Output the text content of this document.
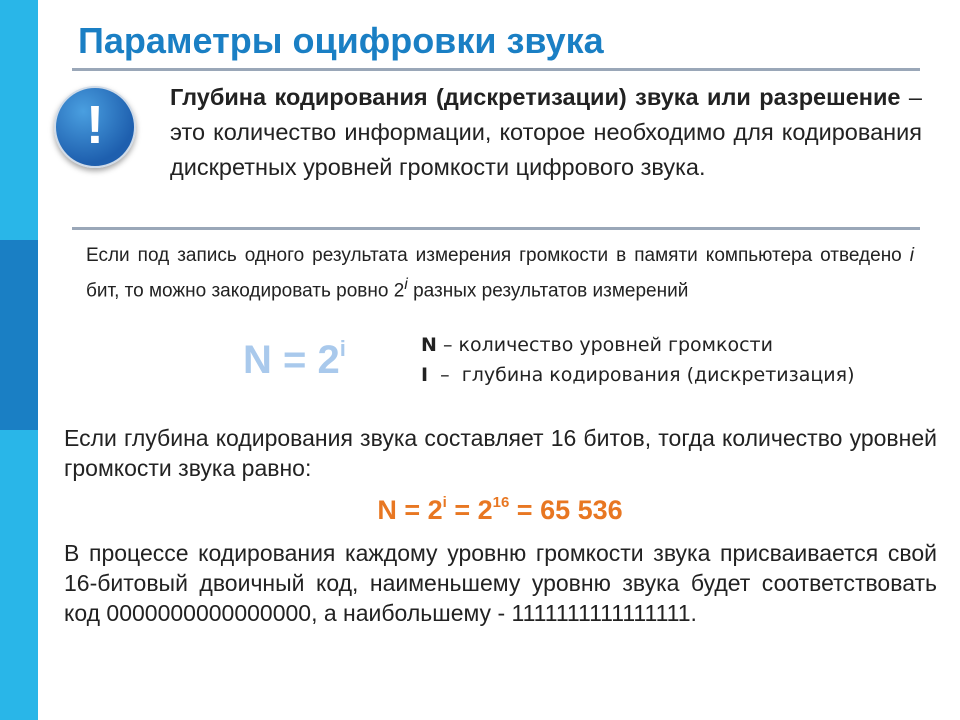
Параметры оцифровки звука
!	Глубина кодирования (дискретизации) звука или разрешение – это количество информации, которое необходимо для кодирования дискретных уровней громкости цифрового звука.
Если под запись одного результата измерения громкости в памяти компьютера отведено i бит, то можно закодировать ровно 2$^i$ разных результатов измерений
$N = 2^i$	N – количество уровней громкости
I  –  глубина кодирования (дискретизация)
Если глубина кодирования звука составляет 16 битов, тогда количество уровней громкости звука равно:
$N = 2^i = 2^{16} = 65$ 536
В процессе кодирования каждому уровню громкости звука присваивается свой 16-битовый двоичный код, наименьшему уровню звука будет соответствовать код 0000000000000000, а наибольшему - 1111111111111111.
